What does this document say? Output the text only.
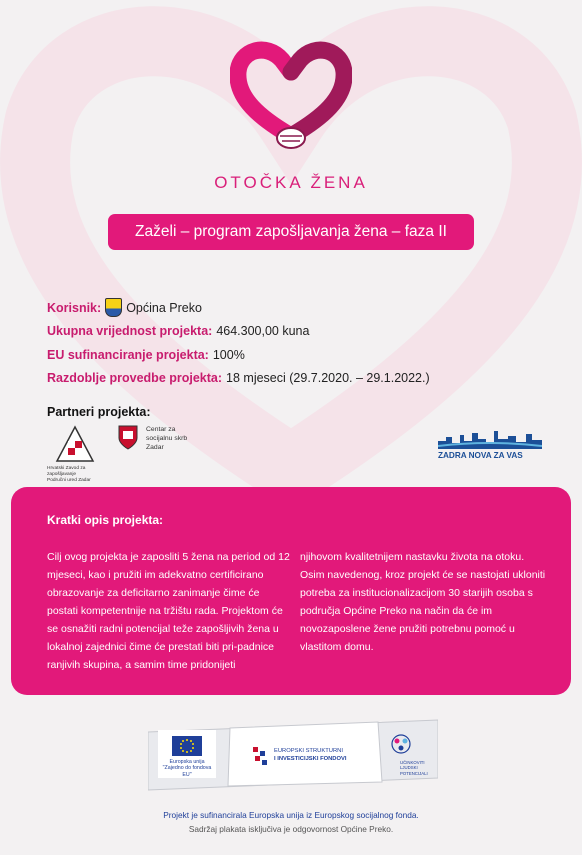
OTOČKA ŽENA
Zaželi – program zapošljavanja žena – faza II
Korisnik: Općina Preko
Ukupna vrijednost projekta: 464.300,00 kuna
EU sufinanciranje projekta: 100%
Razdoblje provedbe projekta: 18 mjeseci (29.7.2020. – 29.1.2022.)
Partneri projekta:
Hrvatski Zavod za zapošljavanje
Područni ured Zadar
Centar za
socijalnu skrb
Zadar
ZADRA NOVA ZA VAS
Kratki opis projekta:
Cilj ovog projekta je zaposliti 5 žena na period od 12 mjeseci, kao i pružiti im adekvatno certificirano obrazovanje za deficitarno zanimanje čime će postati kompetentnije na tržištu rada. Projektom će se osnažiti radni potencijal teže zapošljivih žena u lokalnoj zajednici čime će prestati biti pri-padnice ranjivih skupina, a samim time pridonijeti
njihovom kvalitetnijem nastavku života na otoku. Osim navedenog, kroz projekt će se nastojati ukloniti potreba za institucionalizacijom 30 starijih osoba s područja Općine Preko na način da će im novozaposlene žene pružiti potrebnu pomoć u vlastitom domu.
Europska unija
"Zajedno do fondova EU"
EUROPSKI STRUKTURNI
I INVESTICIJSKI FONDOVI
UČINKOVITI
LJUDSKI
POTENCIJALI
Projekt je sufinancirala Europska unija iz Europskog socijalnog fonda.
Sadržaj plakata isključiva je odgovornost Općine Preko.
